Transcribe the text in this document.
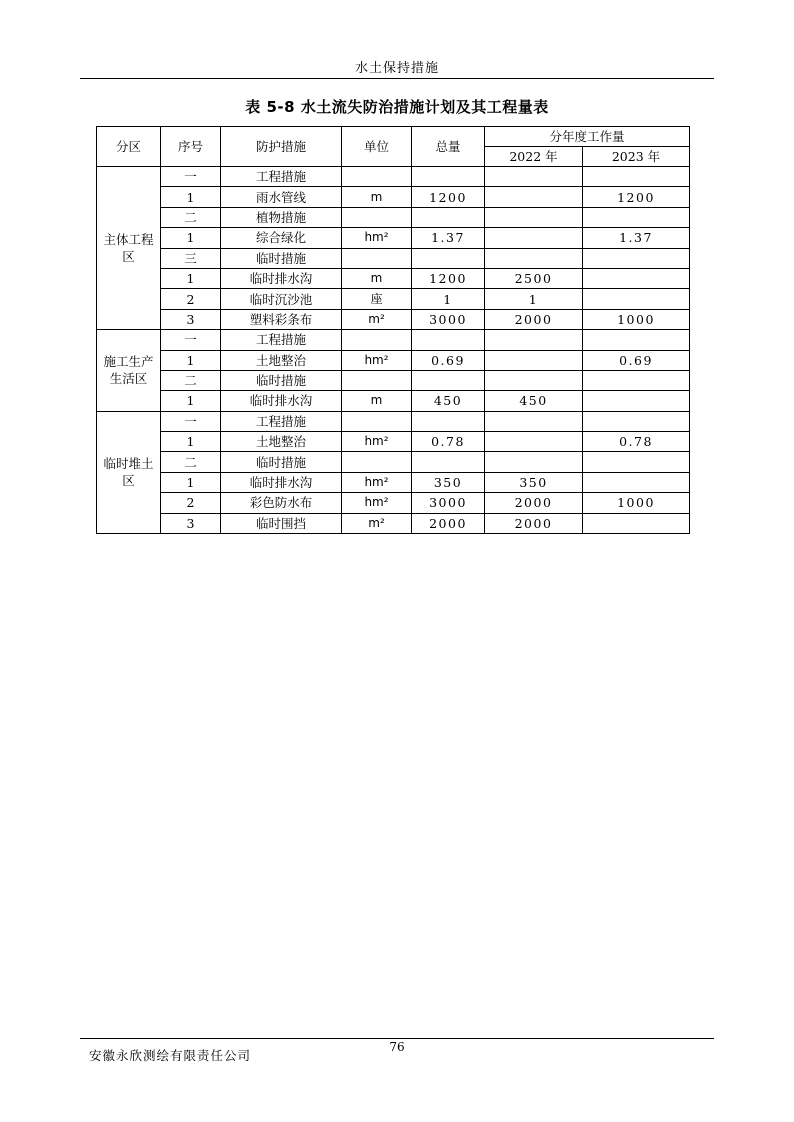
水土保持措施
表 5-8 水土流失防治措施计划及其工程量表
分区	序号	防护措施	单位	总量	分年度工作量	
					2022 年	2023 年

主体工程
区	一	工程措施				
	1	雨水管线	m	1200		1200
	二	植物措施				
	1	综合绿化	hm²	1.37		1.37
	三	临时措施				
	1	临时排水沟	m	1200	2500	
	2	临时沉沙池	座	1	1	
	3	塑料彩条布	m²	3000	2000	1000

施工生产
生活区	一	工程措施				
	1	土地整治	hm²	0.69		0.69
	二	临时措施				
	1	临时排水沟	m	450	450	

临时堆土
区	一	工程措施				
	1	土地整治	hm²	0.78		0.78
	二	临时措施				
	1	临时排水沟	hm²	350	350	
	2	彩色防水布	hm²	3000	2000	1000
	3	临时围挡	m²	2000	2000	
76
安徽永欣测绘有限责任公司
